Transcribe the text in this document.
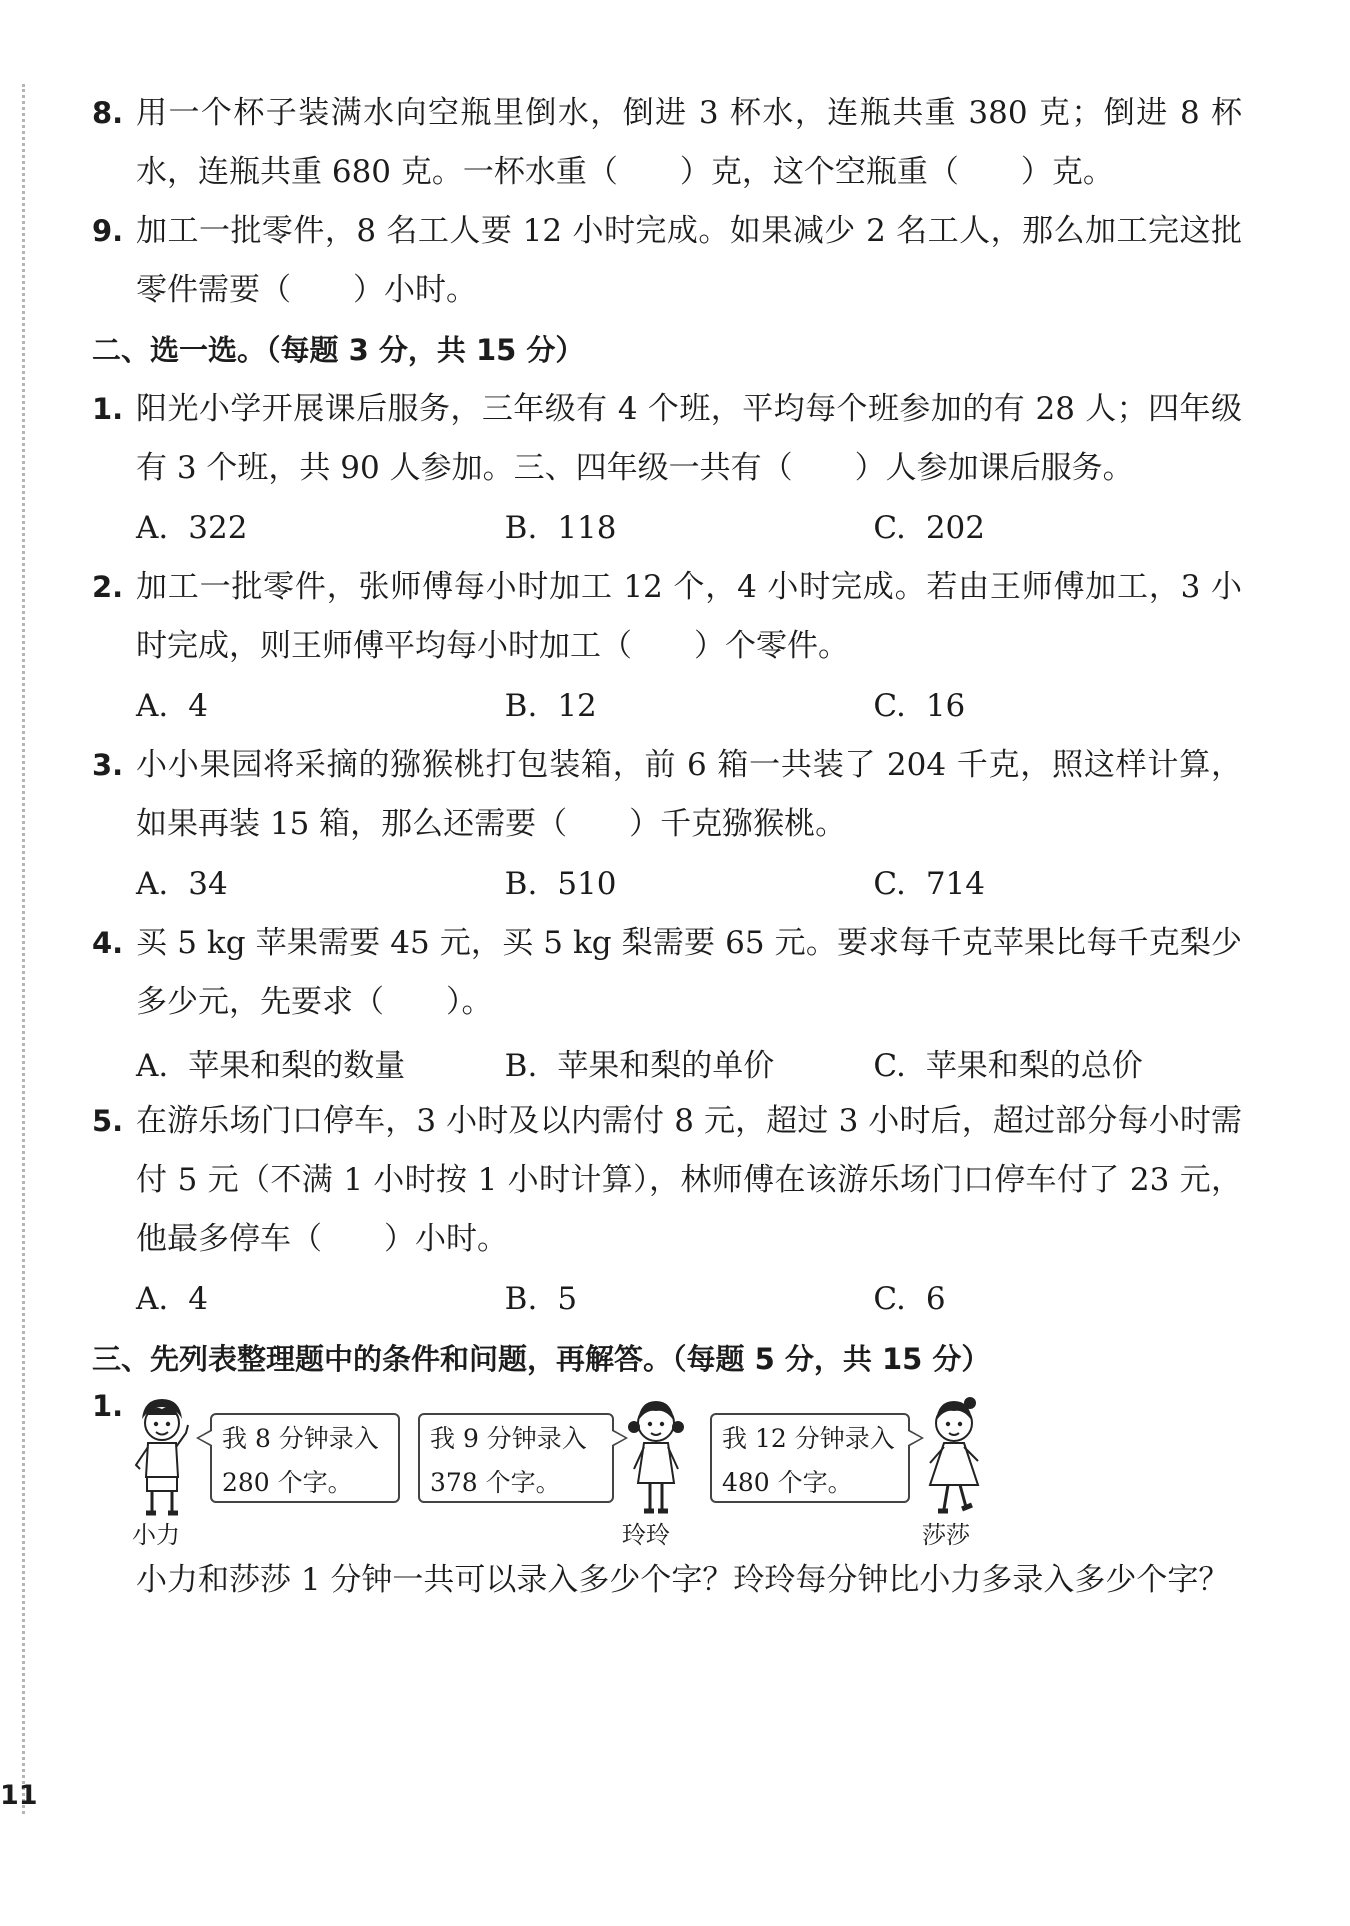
8. 用一个杯子装满水向空瓶里倒水，倒进 3 杯水，连瓶共重 380 克；倒进 8 杯水，连瓶共重 680 克。一杯水重（　　）克，这个空瓶重（　　）克。
9. 加工一批零件，8 名工人要 12 小时完成。如果减少 2 名工人，那么加工完这批零件需要（　　）小时。
二、选一选。（每题 3 分，共 15 分）
1. 阳光小学开展课后服务，三年级有 4 个班，平均每个班参加的有 28 人；四年级有 3 个班，共 90 人参加。三、四年级一共有（　　）人参加课后服务。
A. 322	B. 118	C. 202
2. 加工一批零件，张师傅每小时加工 12 个，4 小时完成。若由王师傅加工，3 小时完成，则王师傅平均每小时加工（　　）个零件。
A. 4	B. 12	C. 16
3. 小小果园将采摘的猕猴桃打包装箱，前 6 箱一共装了 204 千克，照这样计算，如果再装 15 箱，那么还需要（　　）千克猕猴桃。
A. 34	B. 510	C. 714
4. 买 5 kg 苹果需要 45 元，买 5 kg 梨需要 65 元。要求每千克苹果比每千克梨少多少元，先要求（　　）。
A. 苹果和梨的数量	B. 苹果和梨的单价	C. 苹果和梨的总价
5. 在游乐场门口停车，3 小时及以内需付 8 元，超过 3 小时后，超过部分每小时需付 5 元（不满 1 小时按 1 小时计算），林师傅在该游乐场门口停车付了 23 元，他最多停车（　　）小时。
A. 4	B. 5	C. 6
三、先列表整理题中的条件和问题，再解答。（每题 5 分，共 15 分）
1.
小力
我 8 分钟录入
280 个字。
我 9 分钟录入
378 个字。
玲玲
我 12 分钟录入
480 个字。
莎莎
小力和莎莎 1 分钟一共可以录入多少个字？玲玲每分钟比小力多录入多少个字？
11
